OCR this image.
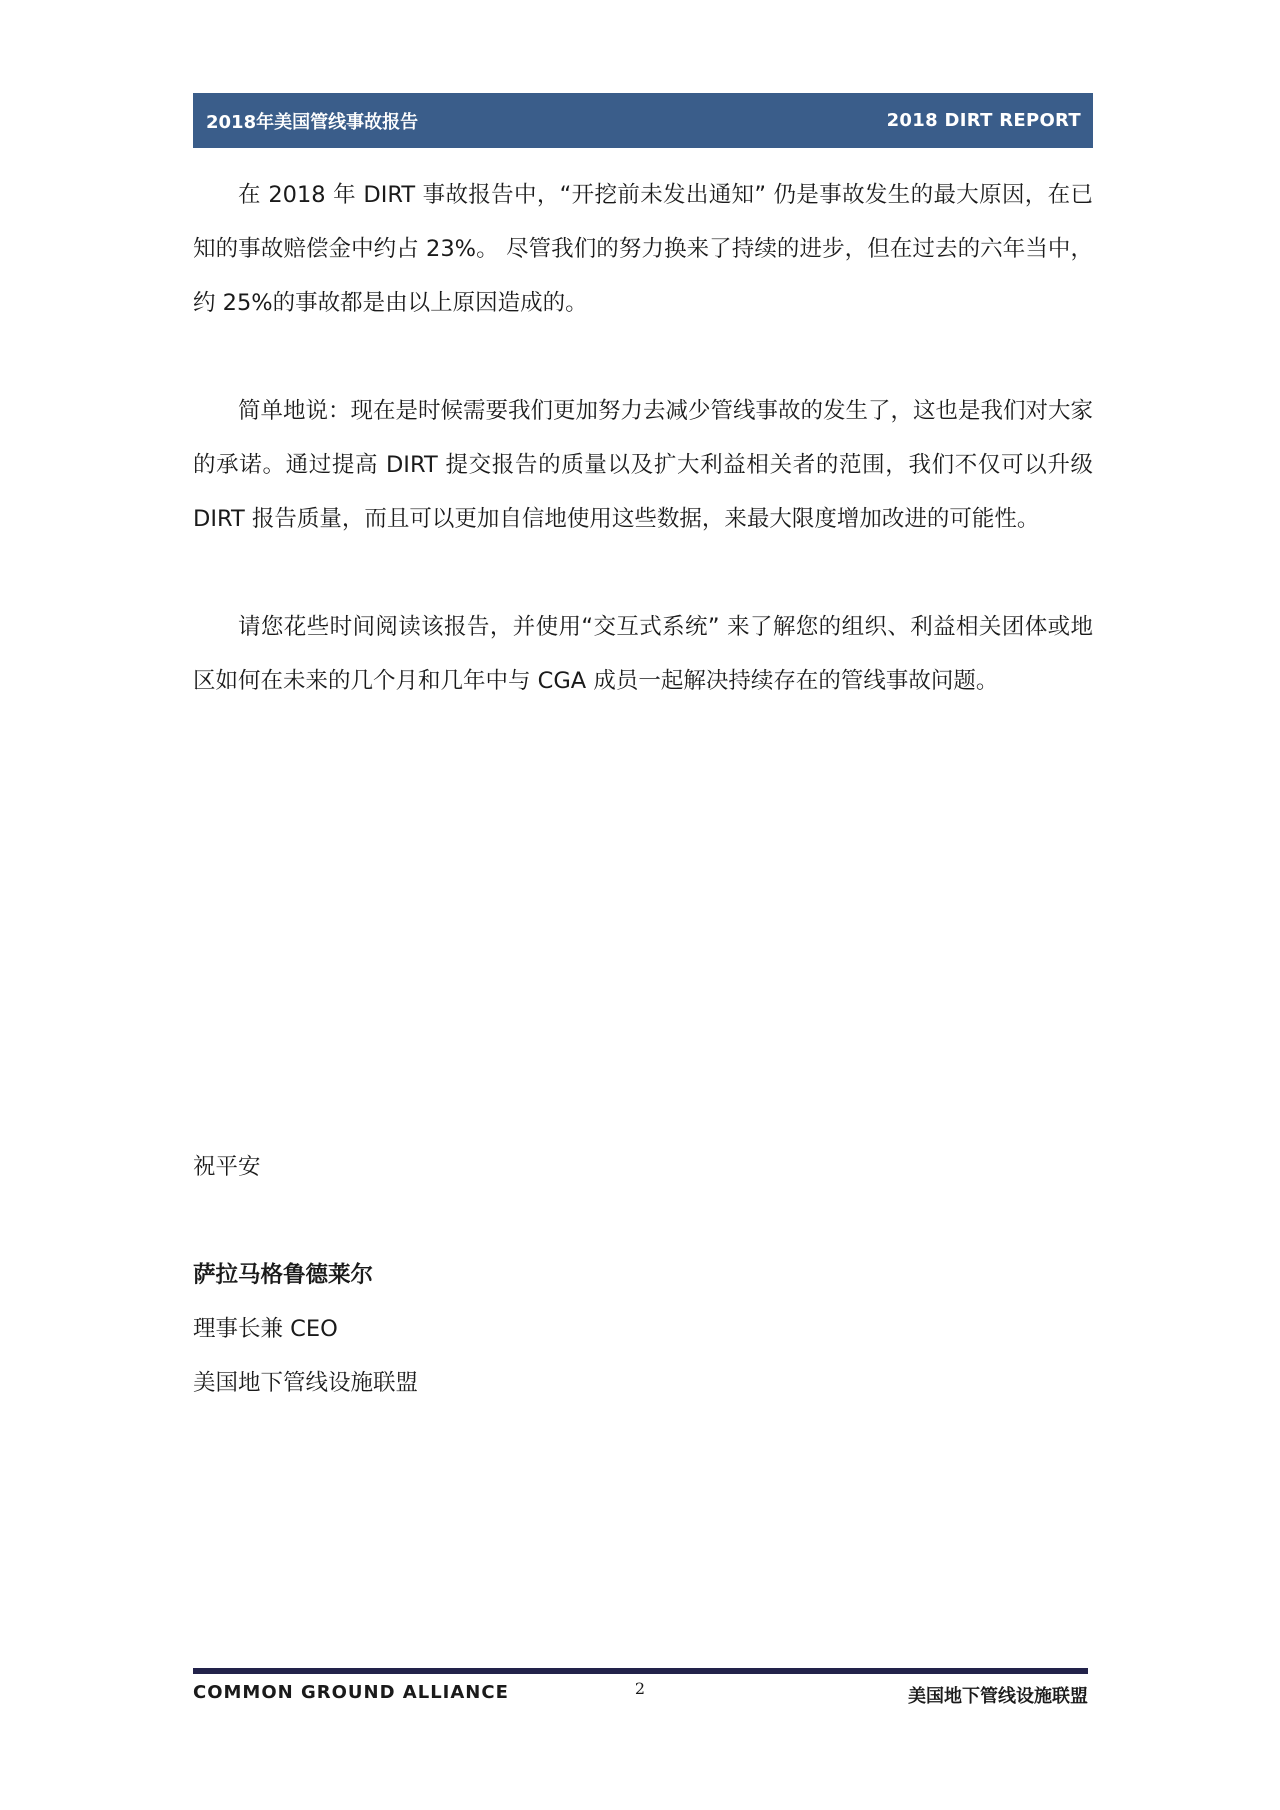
2018年美国管线事故报告	2018 DIRT REPORT

在 2018 年 DIRT 事故报告中，“开挖前未发出通知” 仍是事故发生的最大原因，在已知的事故赔偿金中约占 23%。 尽管我们的努力换来了持续的进步，但在过去的六年当中，约 25%的事故都是由以上原因造成的。

简单地说：现在是时候需要我们更加努力去减少管线事故的发生了，这也是我们对大家的承诺。通过提高 DIRT 提交报告的质量以及扩大利益相关者的范围，我们不仅可以升级 DIRT 报告质量，而且可以更加自信地使用这些数据，来最大限度增加改进的可能性。

请您花些时间阅读该报告，并使用“交互式系统” 来了解您的组织、利益相关团体或地区如何在未来的几个月和几年中与 CGA 成员一起解决持续存在的管线事故问题。

祝平安
萨拉马格鲁德莱尔
理事长兼 CEO
美国地下管线设施联盟
COMMON GROUND ALLIANCE	2	美国地下管线设施联盟
